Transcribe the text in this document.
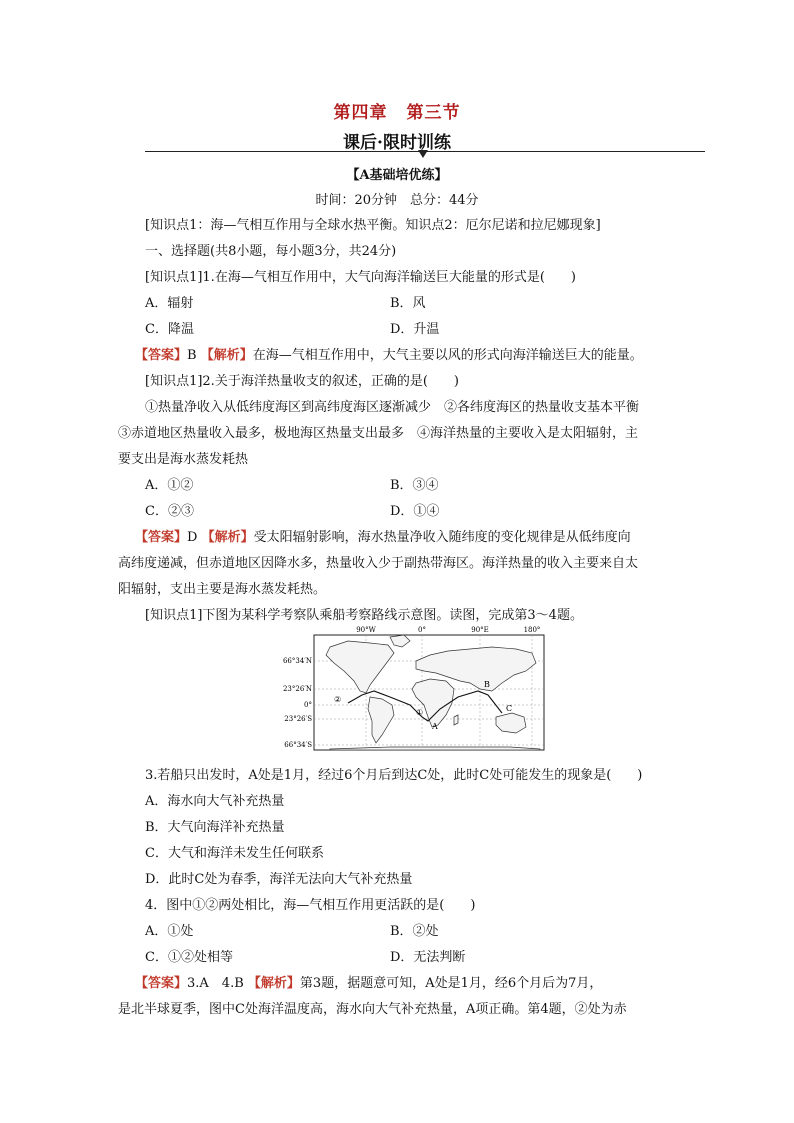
第四章 第三节
课后·限时训练
【A基础培优练】
时间：20分钟　总分：44分
[知识点1：海—气相互作用与全球水热平衡。知识点2：厄尔尼诺和拉尼娜现象]
一、选择题(共8小题，每小题3分，共24分)
[知识点1]1.在海—气相互作用中，大气向海洋输送巨大能量的形式是(　　)
A．辐射	B．风
C．降温	D．升温
【答案】B 【解析】在海—气相互作用中，大气主要以风的形式向海洋输送巨大的能量。
[知识点1]2.关于海洋热量收支的叙述，正确的是(　　)
①热量净收入从低纬度海区到高纬度海区逐渐减少　②各纬度海区的热量收支基本平衡
③赤道地区热量收入最多，极地海区热量支出最多　④海洋热量的主要收入是太阳辐射，主
要支出是海水蒸发耗热
A．①②	B．③④
C．②③	D．①④
【答案】D 【解析】受太阳辐射影响，海水热量净收入随纬度的变化规律是从低纬度向
高纬度递减，但赤道地区因降水多，热量收入少于副热带海区。海洋热量的收入主要来自太
阳辐射，支出主要是海水蒸发耗热。
[知识点1]下图为某科学考察队乘船考察路线示意图。读图，完成第3～4题。
90°W	0°	90°E	180°
66°34′N
23°26′N
0°
23°26′S
66°34′S
②
①
A
B
C
3.若船只出发时，A处是1月，经过6个月后到达C处，此时C处可能发生的现象是(　　)
A．海水向大气补充热量
B．大气向海洋补充热量
C．大气和海洋未发生任何联系
D．此时C处为春季，海洋无法向大气补充热量
4．图中①②两处相比，海—气相互作用更活跃的是(　　)
A．①处	B．②处
C．①②处相等	D．无法判断
【答案】3.A　4.B 【解析】第3题，据题意可知，A处是1月，经6个月后为7月，
是北半球夏季，图中C处海洋温度高，海水向大气补充热量，A项正确。第4题，②处为赤
